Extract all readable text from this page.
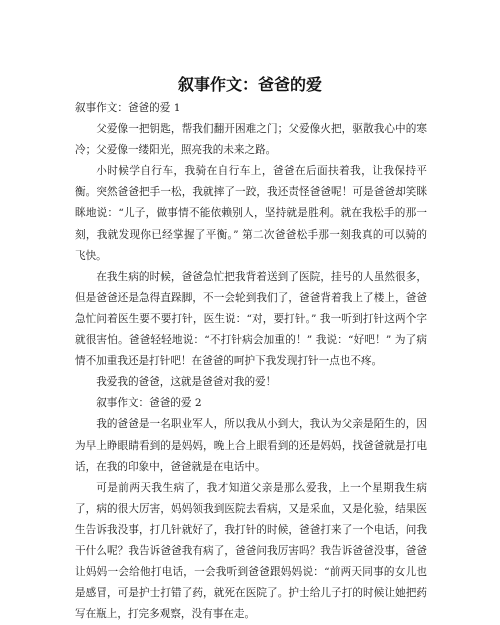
叙事作文：爸爸的爱

叙事作文：爸爸的爱 1

父爱像一把钥匙，帮我们翻开困难之门；父爱像火把，驱散我心中的寒冷；父爱像一缕阳光，照亮我的未来之路。

小时候学自行车，我骑在自行车上，爸爸在后面扶着我，让我保持平衡。突然爸爸把手一松，我就摔了一跤，我还责怪爸爸呢！可是爸爸却笑眯眯地说：“儿子，做事情不能依赖别人，坚持就是胜利。就在我松手的那一刻，我就发现你已经掌握了平衡。” 第二次爸爸松手那一刻我真的可以骑的飞快。

在我生病的时候，爸爸急忙把我背着送到了医院，挂号的人虽然很多，但是爸爸还是急得直跺脚，不一会轮到我们了，爸爸背着我上了楼上，爸爸急忙问着医生要不要打针，医生说：“对，要打针。” 我一听到打针这两个字就很害怕。爸爸轻轻地说：“不打针病会加重的！” 我说：“好吧！” 为了病情不加重我还是打针吧！在爸爸的呵护下我发现打针一点也不疼。

我爱我的爸爸，这就是爸爸对我的爱！

叙事作文：爸爸的爱 2

我的爸爸是一名职业军人，所以我从小到大，我认为父亲是陌生的，因为早上睁眼睛看到的是妈妈，晚上合上眼看到的还是妈妈，找爸爸就是打电话，在我的印象中，爸爸就是在电话中。

可是前两天我生病了，我才知道父亲是那么爱我，上一个星期我生病了，病的很大厉害，妈妈领我到医院去看病，又是采血，又是化验，结果医生告诉我没事，打几针就好了，我打针的时候，爸爸打来了一个电话，问我干什么呢？我告诉爸爸我有病了，爸爸问我厉害吗？我告诉爸爸没事，爸爸让妈妈一会给他打电话，一会我听到爸爸跟妈妈说：“前两天同事的女儿也是感冒，可是护士打错了药，就死在医院了。护士给儿子打的时候让她把药写在瓶上，打完多观察，没有事在走。
